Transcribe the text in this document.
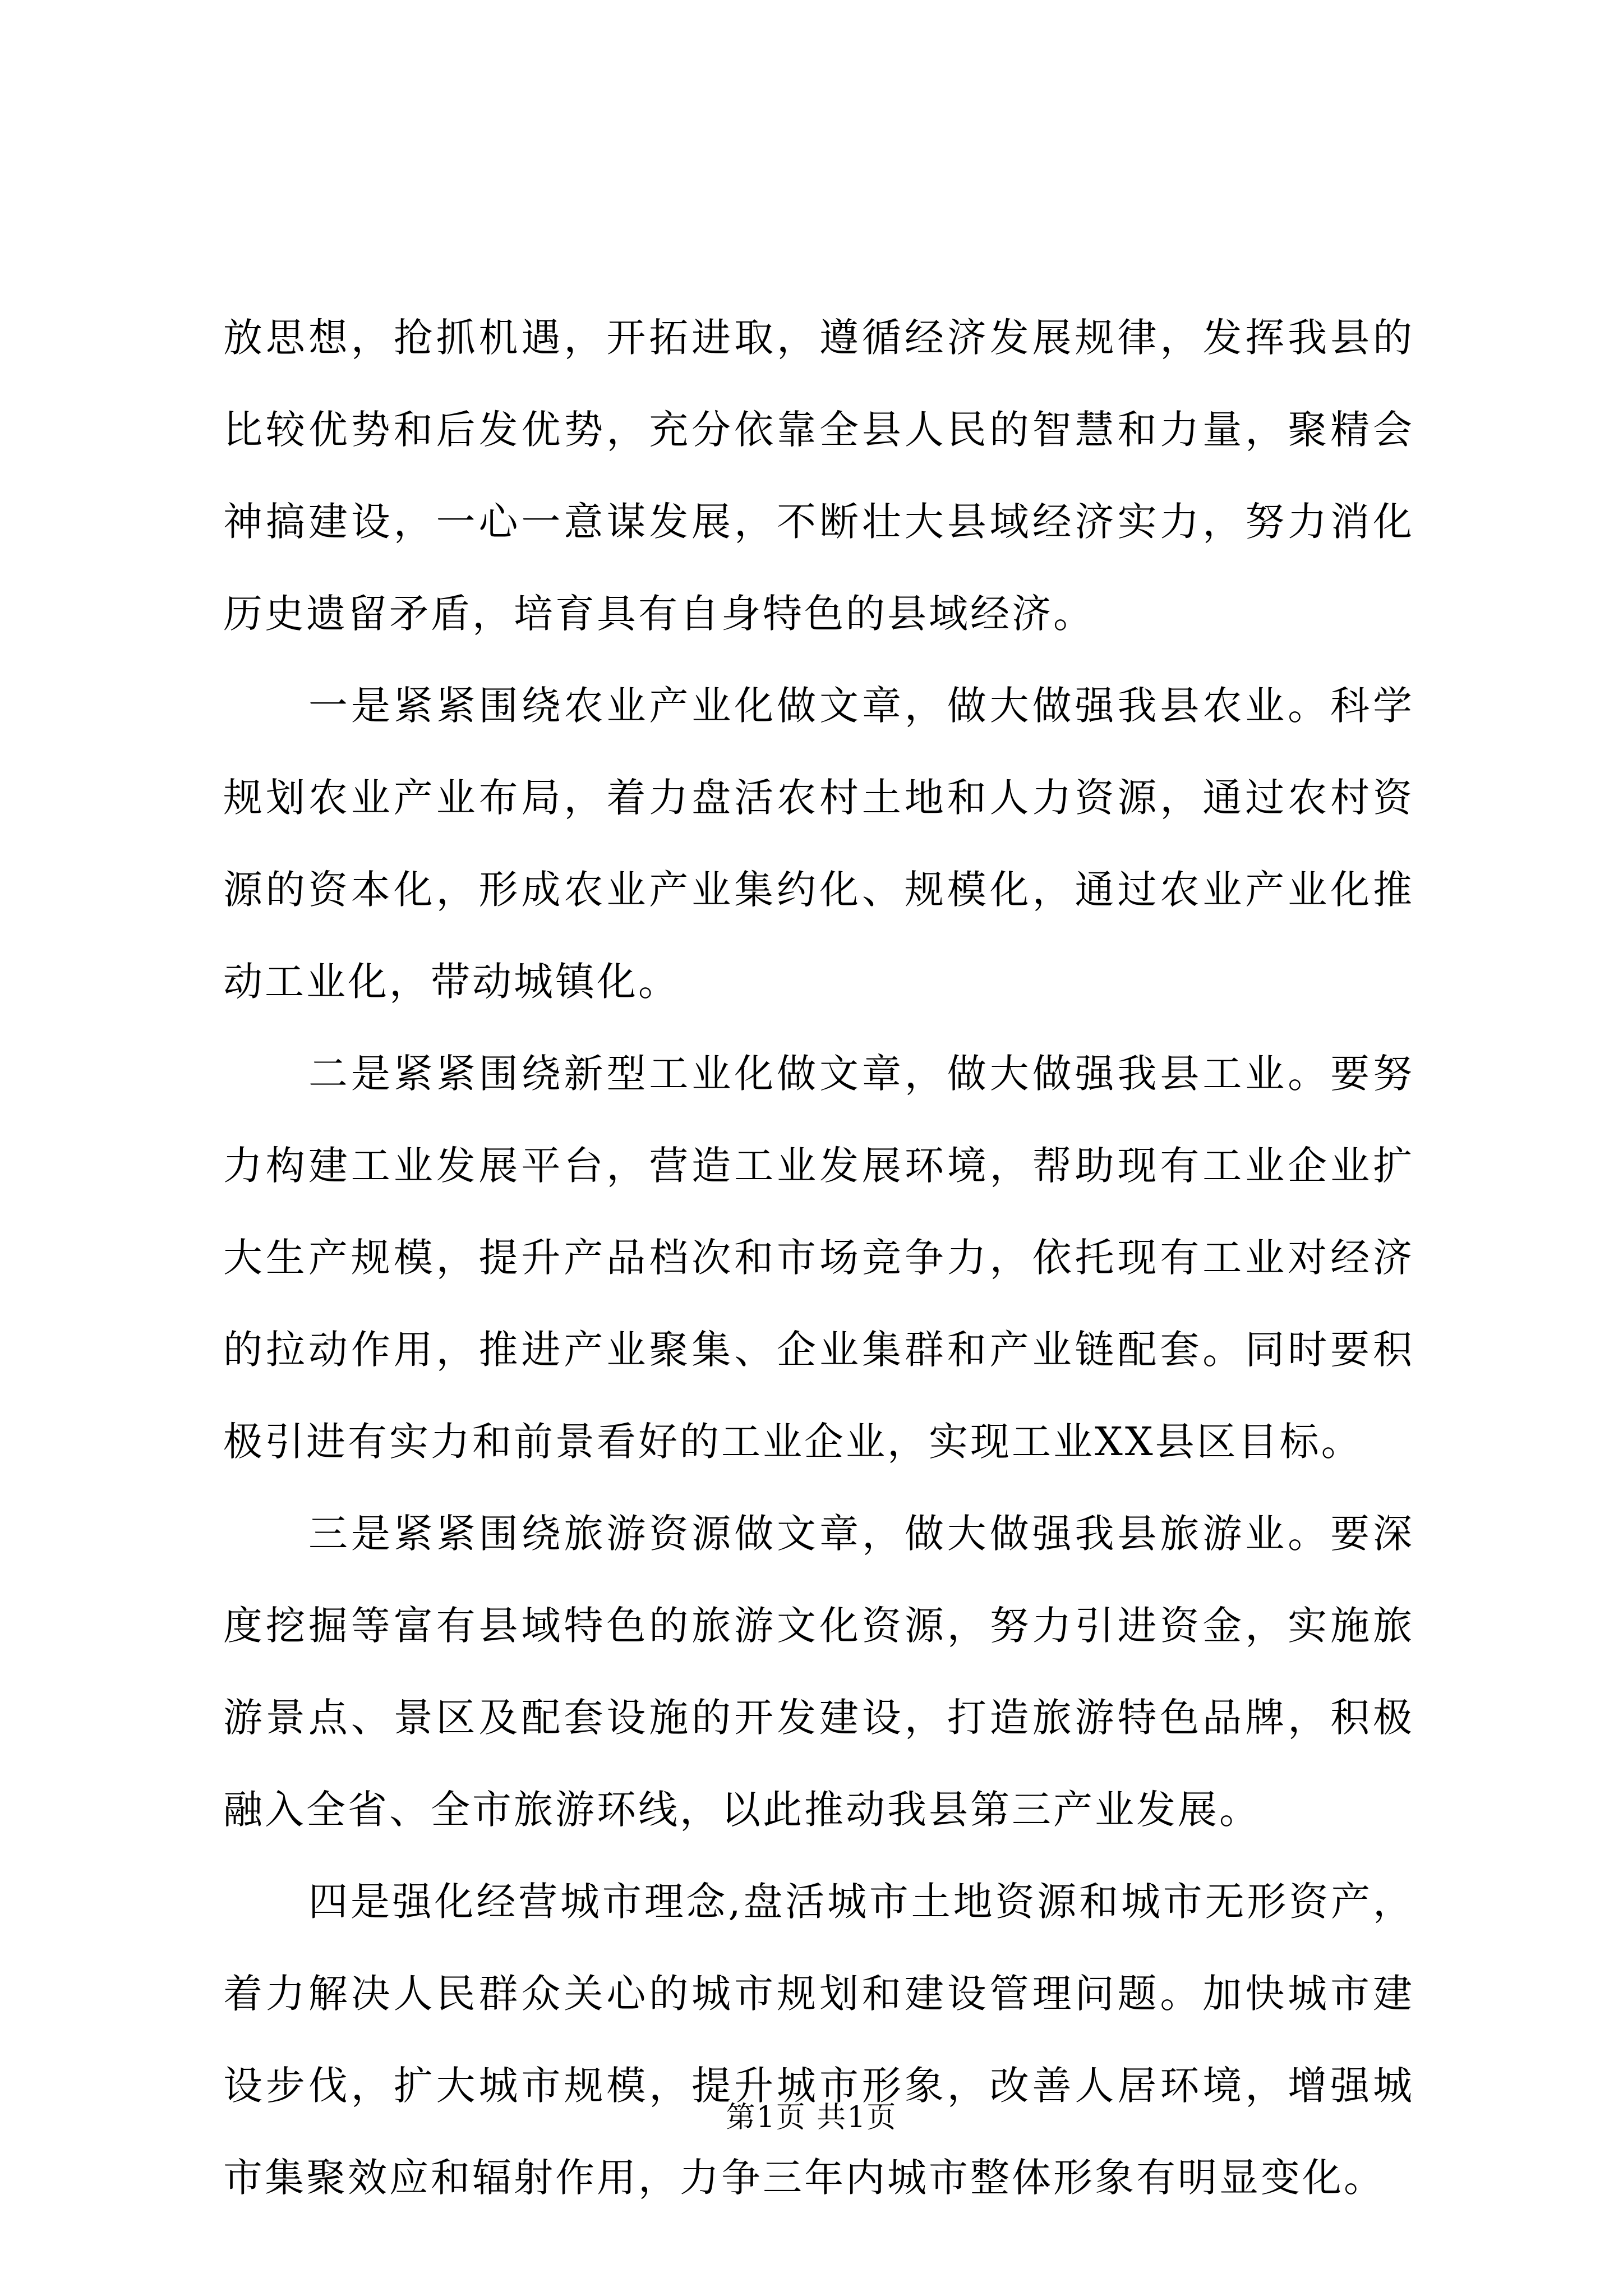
放思想，抢抓机遇，开拓进取，遵循经济发展规律，发挥我县的比较优势和后发优势，充分依靠全县人民的智慧和力量，聚精会神搞建设，一心一意谋发展，不断壮大县域经济实力，努力消化历史遗留矛盾，培育具有自身特色的县域经济。

一是紧紧围绕农业产业化做文章，做大做强我县农业。科学规划农业产业布局，着力盘活农村土地和人力资源，通过农村资源的资本化，形成农业产业集约化、规模化，通过农业产业化推动工业化，带动城镇化。

二是紧紧围绕新型工业化做文章，做大做强我县工业。要努力构建工业发展平台，营造工业发展环境，帮助现有工业企业扩大生产规模，提升产品档次和市场竞争力，依托现有工业对经济的拉动作用，推进产业聚集、企业集群和产业链配套。同时要积极引进有实力和前景看好的工业企业，实现工业XX县区目标。

三是紧紧围绕旅游资源做文章，做大做强我县旅游业。要深度挖掘等富有县域特色的旅游文化资源，努力引进资金，实施旅游景点、景区及配套设施的开发建设，打造旅游特色品牌，积极融入全省、全市旅游环线，以此推动我县第三产业发展。

四是强化经营城市理念,盘活城市土地资源和城市无形资产，着力解决人民群众关心的城市规划和建设管理问题。加快城市建设步伐，扩大城市规模，提升城市形象，改善人居环境，增强城市集聚效应和辐射作用，力争三年内城市整体形象有明显变化。

第1页 共1页
